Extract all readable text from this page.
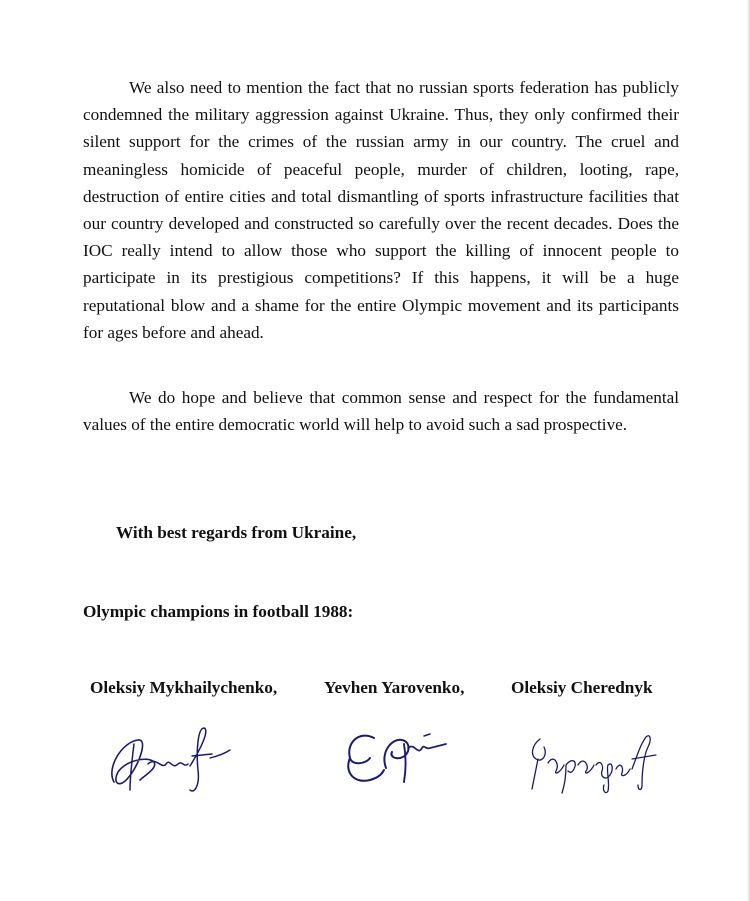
We also need to mention the fact that no russian sports federation has publicly condemned the military aggression against Ukraine. Thus, they only confirmed their silent support for the crimes of the russian army in our country. The cruel and meaningless homicide of peaceful people, murder of children, looting, rape, destruction of entire cities and total dismantling of sports infrastructure facilities that our country developed and constructed so carefully over the recent decades. Does the IOC really intend to allow those who support the killing of innocent people to participate in its prestigious competitions? If this happens, it will be a huge reputational blow and a shame for the entire Olympic movement and its participants for ages before and ahead.

We do hope and believe that common sense and respect for the fundamental values of the entire democratic world will help to avoid such a sad prospective.

With best regards from Ukraine,

Olympic champions in football 1988:

Oleksiy Mykhailychenko,	Yevhen Yarovenko,	Oleksiy Cherednyk
